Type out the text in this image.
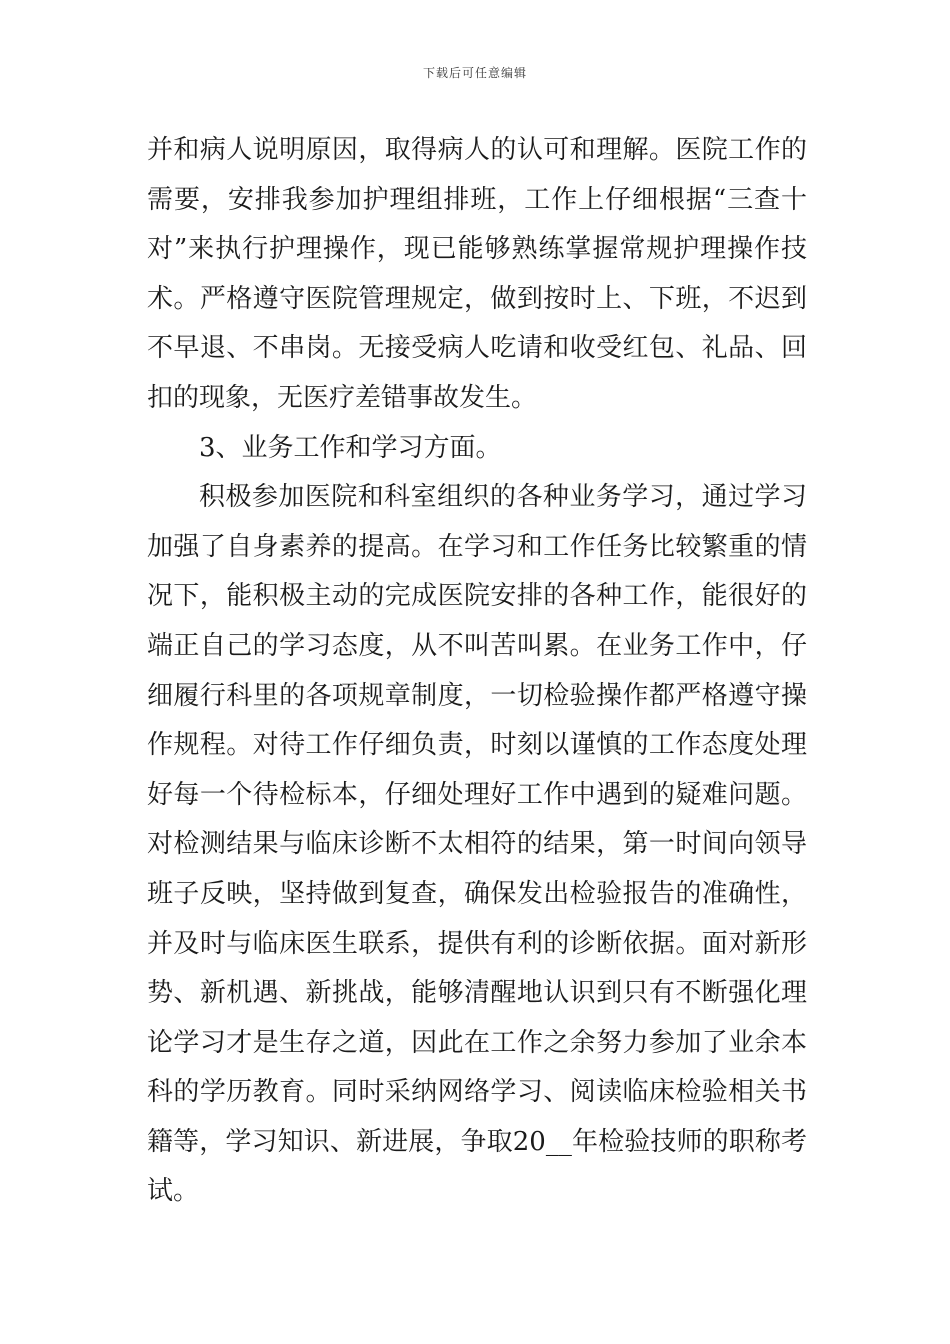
下载后可任意编辑
并和病人说明原因，取得病人的认可和理解。医院工作的
需要，安排我参加护理组排班，工作上仔细根据“三查十
对”来执行护理操作，现已能够熟练掌握常规护理操作技
术。严格遵守医院管理规定，做到按时上、下班，不迟到
不早退、不串岗。无接受病人吃请和收受红包、礼品、回
扣的现象，无医疗差错事故发生。
3、业务工作和学习方面。
积极参加医院和科室组织的各种业务学习，通过学习
加强了自身素养的提高。在学习和工作任务比较繁重的情
况下，能积极主动的完成医院安排的各种工作，能很好的
端正自己的学习态度，从不叫苦叫累。在业务工作中，仔
细履行科里的各项规章制度，一切检验操作都严格遵守操
作规程。对待工作仔细负责，时刻以谨慎的工作态度处理
好每一个待检标本，仔细处理好工作中遇到的疑难问题。
对检测结果与临床诊断不太相符的结果，第一时间向领导
班子反映，坚持做到复查，确保发出检验报告的准确性，
并及时与临床医生联系，提供有利的诊断依据。面对新形
势、新机遇、新挑战，能够清醒地认识到只有不断强化理
论学习才是生存之道，因此在工作之余努力参加了业余本
科的学历教育。同时采纳网络学习、阅读临床检验相关书
籍等，学习知识、新进展，争取20__年检验技师的职称考
试。
